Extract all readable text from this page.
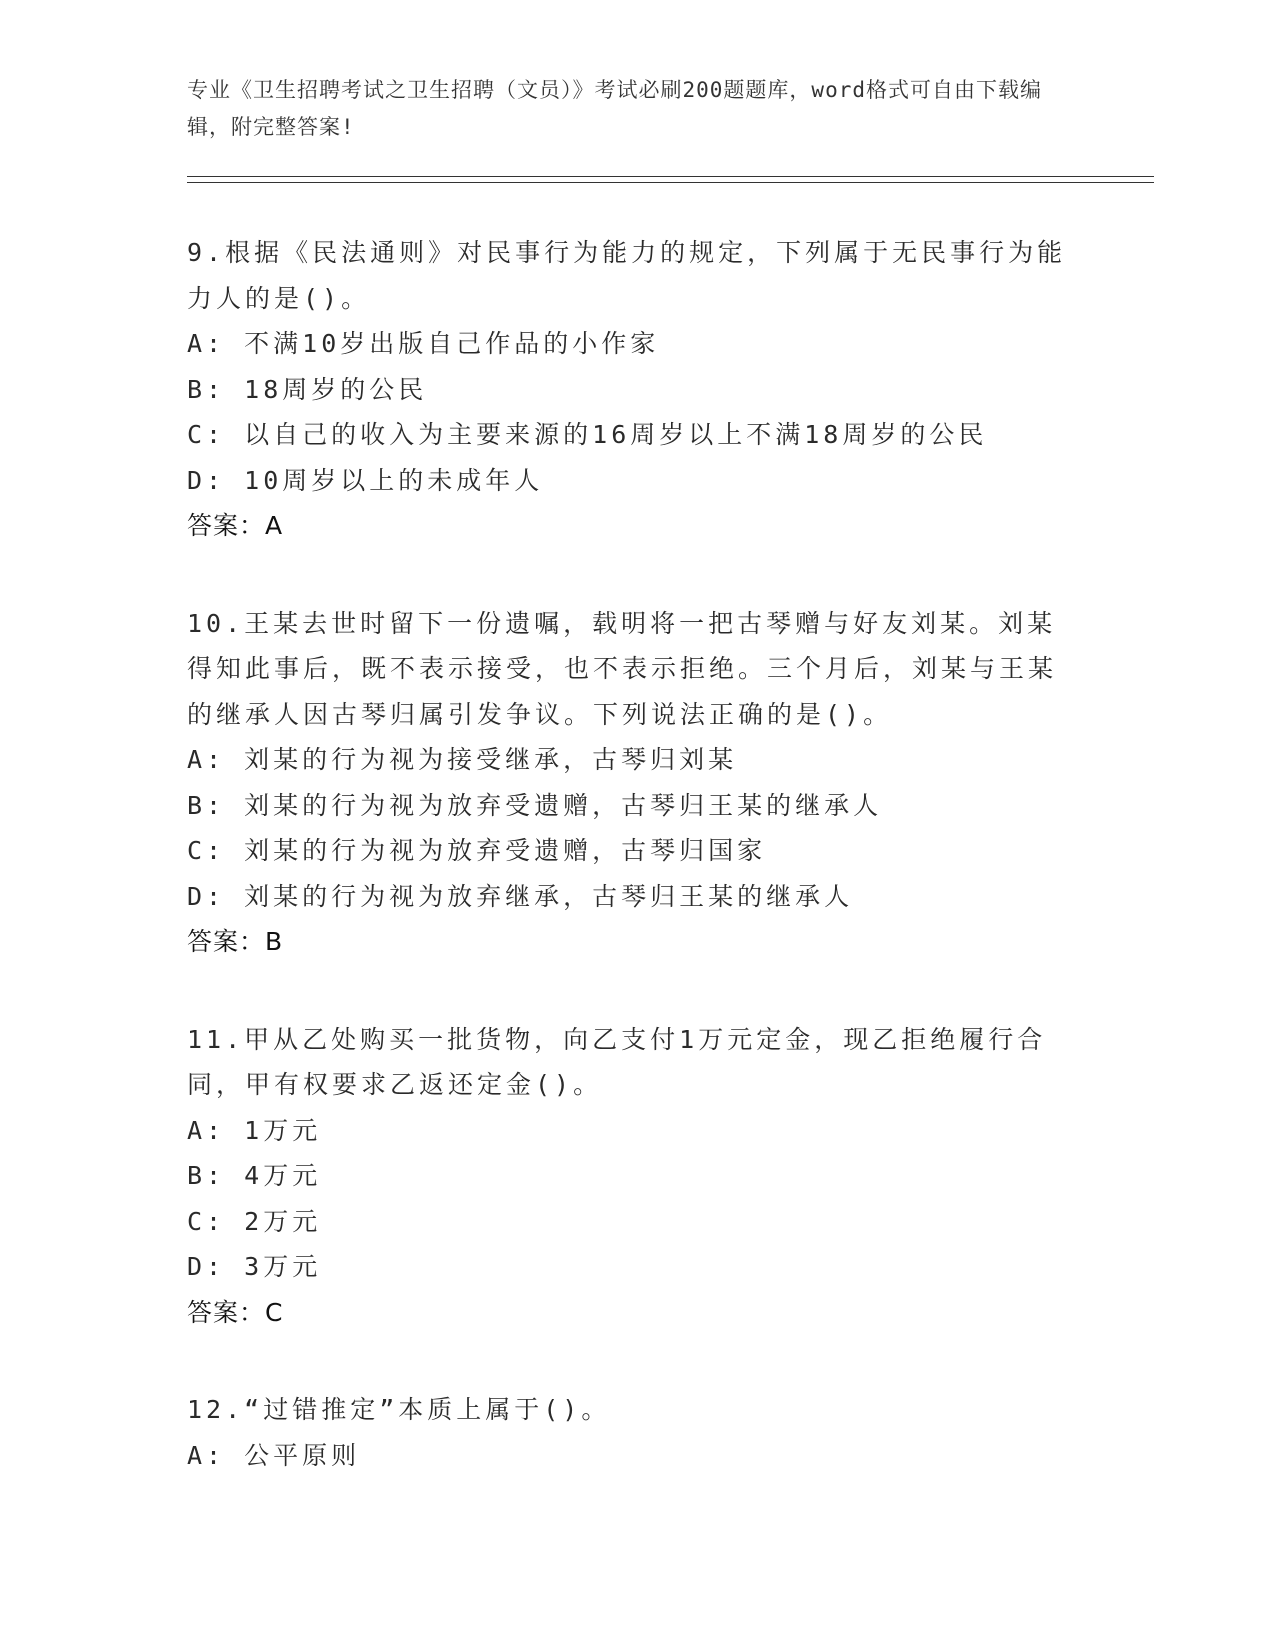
专业《卫生招聘考试之卫生招聘（文员）》考试必刷200题题库，word格式可自由下载编辑，附完整答案!

9.根据《民法通则》对民事行为能力的规定，下列属于无民事行为能力人的是()。

A: 不满10岁出版自己作品的小作家

B: 18周岁的公民

C: 以自己的收入为主要来源的16周岁以上不满18周岁的公民

D: 10周岁以上的未成年人

答案：A

10.王某去世时留下一份遗嘱，载明将一把古琴赠与好友刘某。刘某得知此事后，既不表示接受，也不表示拒绝。三个月后，刘某与王某的继承人因古琴归属引发争议。下列说法正确的是()。

A: 刘某的行为视为接受继承，古琴归刘某

B: 刘某的行为视为放弃受遗赠，古琴归王某的继承人

C: 刘某的行为视为放弃受遗赠，古琴归国家

D: 刘某的行为视为放弃继承，古琴归王某的继承人

答案：B

11.甲从乙处购买一批货物，向乙支付1万元定金，现乙拒绝履行合同，甲有权要求乙返还定金()。

A: 1万元

B: 4万元

C: 2万元

D: 3万元

答案：C

12.“过错推定”本质上属于()。

A: 公平原则
